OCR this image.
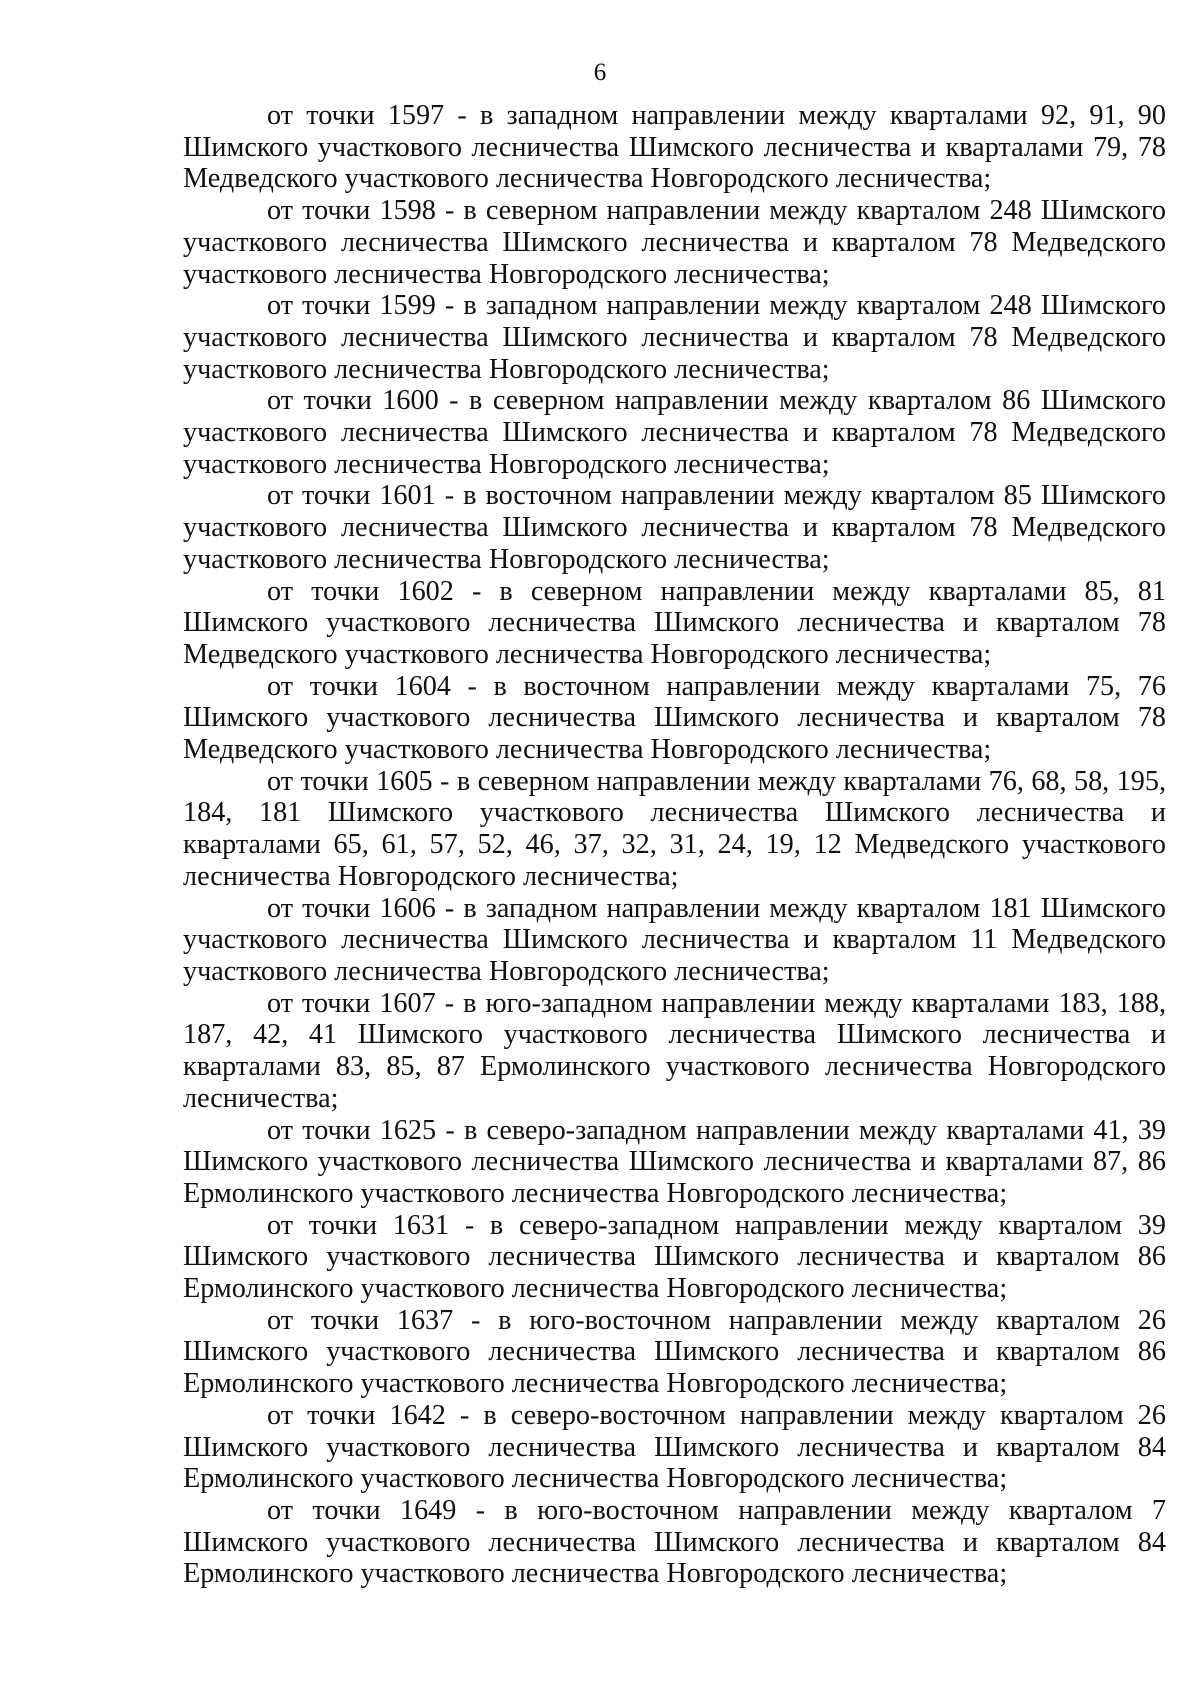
6

от точки 1597 - в западном направлении между кварталами 92, 91, 90 Шимского участкового лесничества Шимского лесничества и кварталами 79, 78 Медведского участкового лесничества Новгородского лесничества;

от точки 1598 - в северном направлении между кварталом 248 Шимского участкового лесничества Шимского лесничества и кварталом 78 Медведского участкового лесничества Новгородского лесничества;

от точки 1599 - в западном направлении между кварталом 248 Шимского участкового лесничества Шимского лесничества и кварталом 78 Медведского участкового лесничества Новгородского лесничества;

от точки 1600 - в северном направлении между кварталом 86 Шимского участкового лесничества Шимского лесничества и кварталом 78 Медведского участкового лесничества Новгородского лесничества;

от точки 1601 - в восточном направлении между кварталом 85 Шимского участкового лесничества Шимского лесничества и кварталом 78 Медведского участкового лесничества Новгородского лесничества;

от точки 1602 - в северном направлении между кварталами 85, 81 Шимского участкового лесничества Шимского лесничества и кварталом 78 Медведского участкового лесничества Новгородского лесничества;

от точки 1604 - в восточном направлении между кварталами 75, 76 Шимского участкового лесничества Шимского лесничества и кварталом 78 Медведского участкового лесничества Новгородского лесничества;

от точки 1605 - в северном направлении между кварталами 76, 68, 58, 195, 184, 181 Шимского участкового лесничества Шимского лесничества и кварталами 65, 61, 57, 52, 46, 37, 32, 31, 24, 19, 12 Медведского участкового лесничества Новгородского лесничества;

от точки 1606 - в западном направлении между кварталом 181 Шимского участкового лесничества Шимского лесничества и кварталом 11 Медведского участкового лесничества Новгородского лесничества;

от точки 1607 - в юго-западном направлении между кварталами 183, 188, 187, 42, 41 Шимского участкового лесничества Шимского лесничества и кварталами 83, 85, 87 Ермолинского участкового лесничества Новгородского лесничества;

от точки 1625 - в северо-западном направлении между кварталами 41, 39 Шимского участкового лесничества Шимского лесничества и кварталами 87, 86 Ермолинского участкового лесничества Новгородского лесничества;

от точки 1631 - в северо-западном направлении между кварталом 39 Шимского участкового лесничества Шимского лесничества и кварталом 86 Ермолинского участкового лесничества Новгородского лесничества;

от точки 1637 - в юго-восточном направлении между кварталом 26 Шимского участкового лесничества Шимского лесничества и кварталом 86 Ермолинского участкового лесничества Новгородского лесничества;

от точки 1642 - в северо-восточном направлении между кварталом 26 Шимского участкового лесничества Шимского лесничества и кварталом 84 Ермолинского участкового лесничества Новгородского лесничества;

от точки 1649 - в юго-восточном направлении между кварталом 7 Шимского участкового лесничества Шимского лесничества и кварталом 84 Ермолинского участкового лесничества Новгородского лесничества;
